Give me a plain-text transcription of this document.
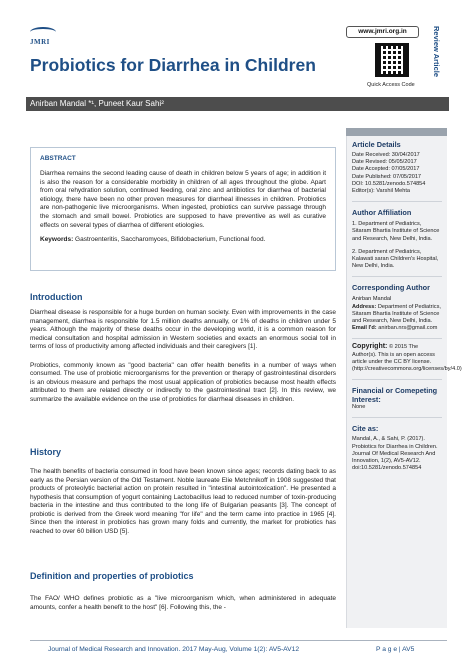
JMRI
Probiotics for Diarrhea in Children
www.jmri.org.in
Quick Access Code
Review Article
Anirban Mandal *¹, Puneet Kaur Sahi²
ABSTRACT
Diarrhea remains the second leading cause of death in children below 5 years of age; in addition it is also the reason for a considerable morbidity in children of all ages throughout the globe. Apart from oral rehydration solution, continued feeding, oral zinc and antibiotics for diarrhea of bacterial etiology, there have been no other proven measures for diarrheal illnesses in children. Probiotics are non-pathogenic live microorganisms. When ingested, probiotics can survive passage through the stomach and small bowel. Probiotics are supposed to have preventive as well as curative effects on several types of diarrhea of different etiologies.
Keywords: Gastroenteritis, Saccharomyces, Bifidobacterium, Functional food.
Introduction
Diarrheal disease is responsible for a huge burden on human society. Even with improvements in the case management, diarrhea is responsible for 1.5 million deaths annually, or 1% of deaths in children under 5 years. Although the majority of these deaths occur in the developing world, it is a common reason for medical consultation and hospital admission in Western societies and exacts an enormous social toll in terms of loss of productivity among affected individuals and their caregivers [1].
Probiotics, commonly known as "good bacteria" can offer health benefits in a number of ways when consumed. The use of probiotic microorganisms for the prevention or therapy of gastrointestinal disorders is an obvious measure and perhaps the most usual application of probiotics because most health effects attributed to them are related directly or indirectly to the gastrointestinal tract [2]. In this review, we summarize the available evidence on the use of probiotics for diarrheal diseases in children.
History
The health benefits of bacteria consumed in food have been known since ages; records dating back to as early as the Persian version of the Old Testament. Noble laureate Elie Metchnikoff in 1908 suggested that products of proteolytic bacterial action on protein resulted in "intestinal autointoxication". He presented a hypothesis that consumption of yogurt containing Lactobacillus lead to reduced number of toxin-producing bacteria in the intestine and thus contributed to the long life of Bulgarian peasants [3]. The concept of probiotic is derived from the Greek word meaning "for life" and the term came into practice in 1965 [4]. Since then the interest in probiotics has grown many folds and currently, the market for probiotics has reached to over 60 billion USD [5].
Definition and properties of probiotics
The FAO/ WHO defines probiotic as a "live microorganism which, when administered in adequate amounts, confer a health benefit to the host" [6]. Following this, the -
Article Details
Date Received: 30/04/2017
Date Revised: 05/05/2017
Date Accepted: 07/05/2017
Date Published: 07/05/2017
DOI: 10.5281/zenodo.574854
Editor(s): Varshil Mehta
Author Affiliation
1. Department of Pediatrics, Sitaram Bhartia Institute of Science and Research, New Delhi, India.
2. Department of Pediatrics, Kalawati saran Children's Hospital, New Delhi, India.
Corresponding Author
Anirban Mandal
Address: Department of Pediatrics, Sitaram Bhartia Institute of Science and Research, New Delhi, India.
Email I'd: anirban.nrs@gmail.com
Copyright: © 2015 The Author(s). This is an open access article under the CC BY license. (http://creativecommons.org/licenses/by/4.0)
Financial or Comepeting Interest:
None
Cite as:
Mandal, A., & Sahi, P. (2017). Probiotics for Diarrhea in Children. Journal Of Medical Research And Innovation, 1(2), AV5-AV12. doi:10.5281/zenodo.574854
Journal of Medical Research and Innovation. 2017 May-Aug, Volume 1(2): AV5-AV12	P a g e | AV5
